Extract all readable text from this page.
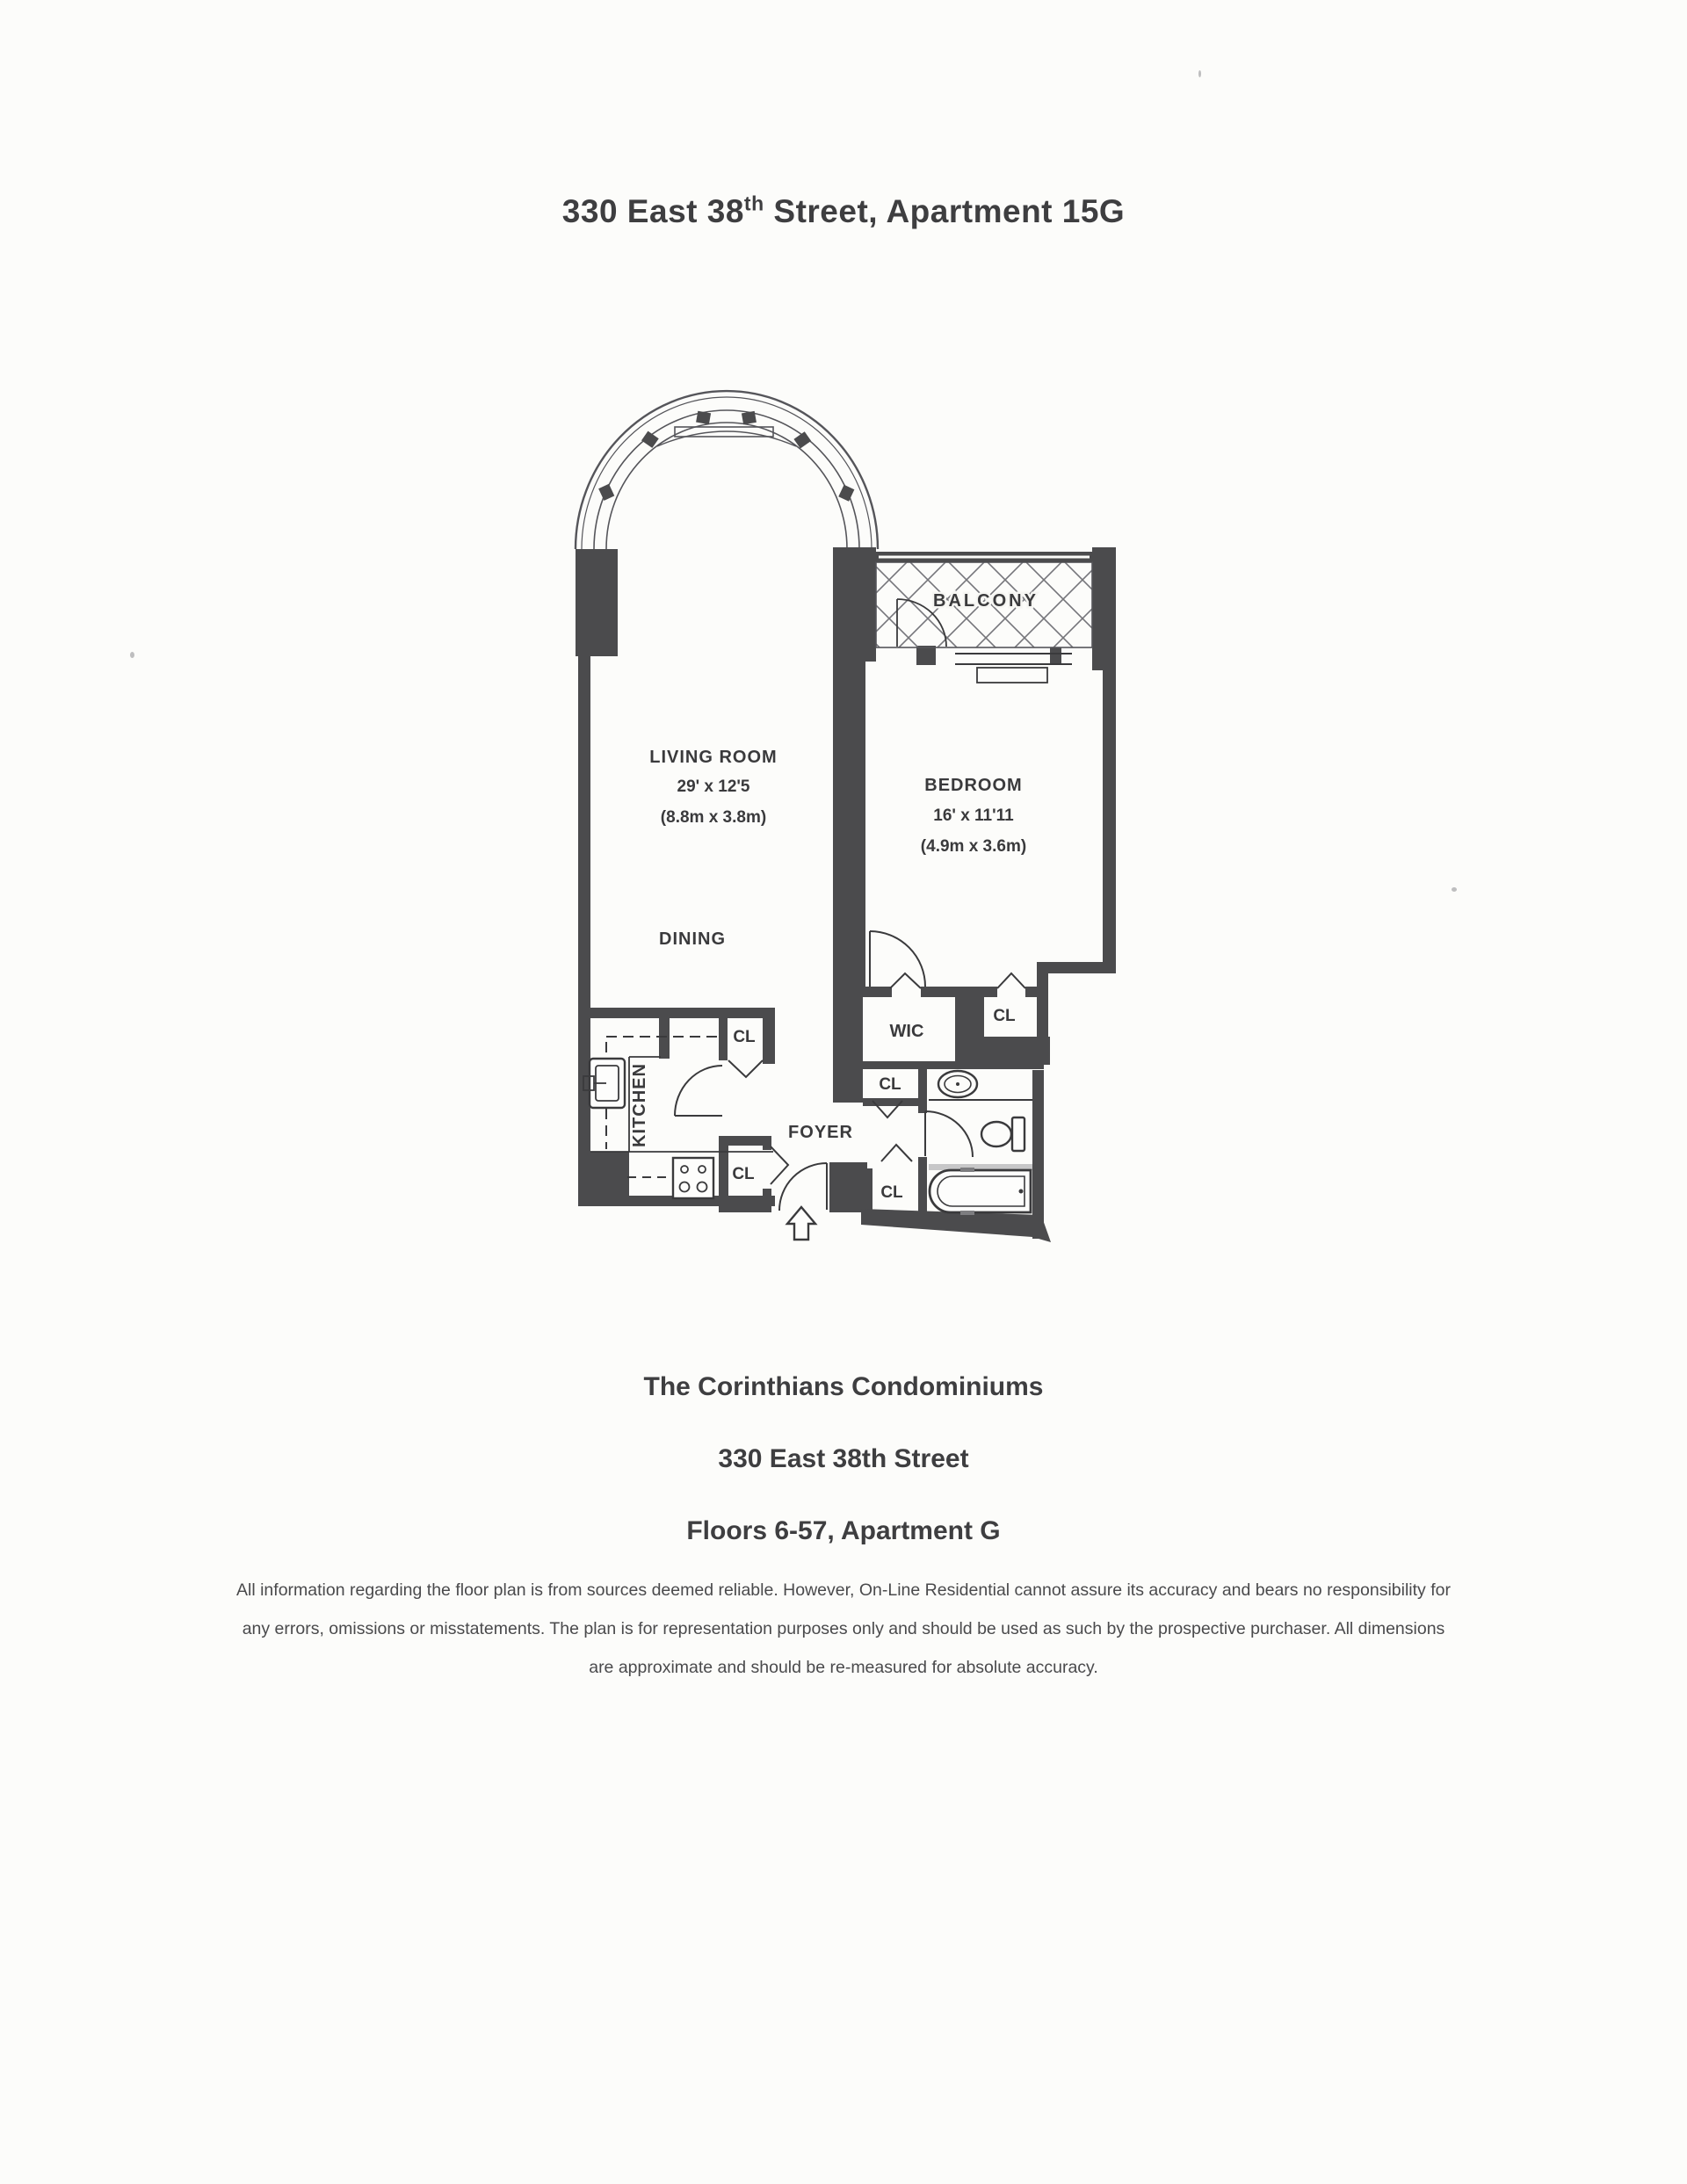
330 East 38th Street, Apartment 15G
LIVING ROOM
29' x 12'5
(8.8m x 3.8m)
BEDROOM
16' x 11'11
(4.9m x 3.6m)
DINING
KITCHEN	FOYER
BALCONY
WIC
CL
CL
CL
CL
CL

The Corinthians Condominiums

330 East 38th Street

Floors 6-57, Apartment G

All information regarding the floor plan is from sources deemed reliable. However, On-Line Residential cannot assure its accuracy and bears no responsibility for any errors, omissions or misstatements. The plan is for representation purposes only and should be used as such by the prospective purchaser. All dimensions are approximate and should be re-measured for absolute accuracy.
